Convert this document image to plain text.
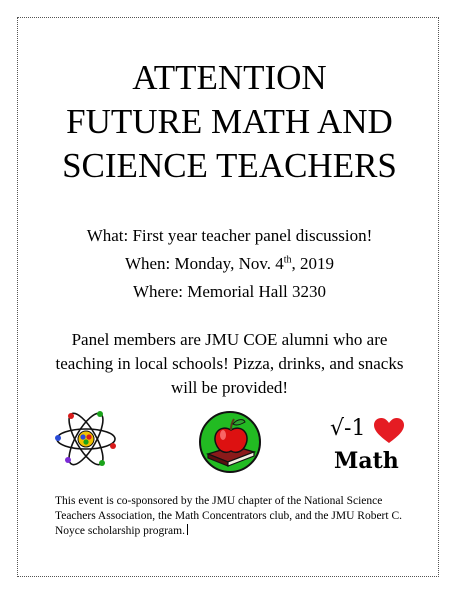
ATTENTION
FUTURE MATH AND
SCIENCE TEACHERS
What: First year teacher panel discussion!
When: Monday, Nov. 4th, 2019
Where: Memorial Hall 3230
Panel members are JMU COE alumni who are teaching in local schools! Pizza, drinks, and snacks will be provided!
√-1
Math
This event is co-sponsored by the JMU chapter of the National Science Teachers Association, the Math Concentrators club, and the JMU Robert C. Noyce scholarship program.
